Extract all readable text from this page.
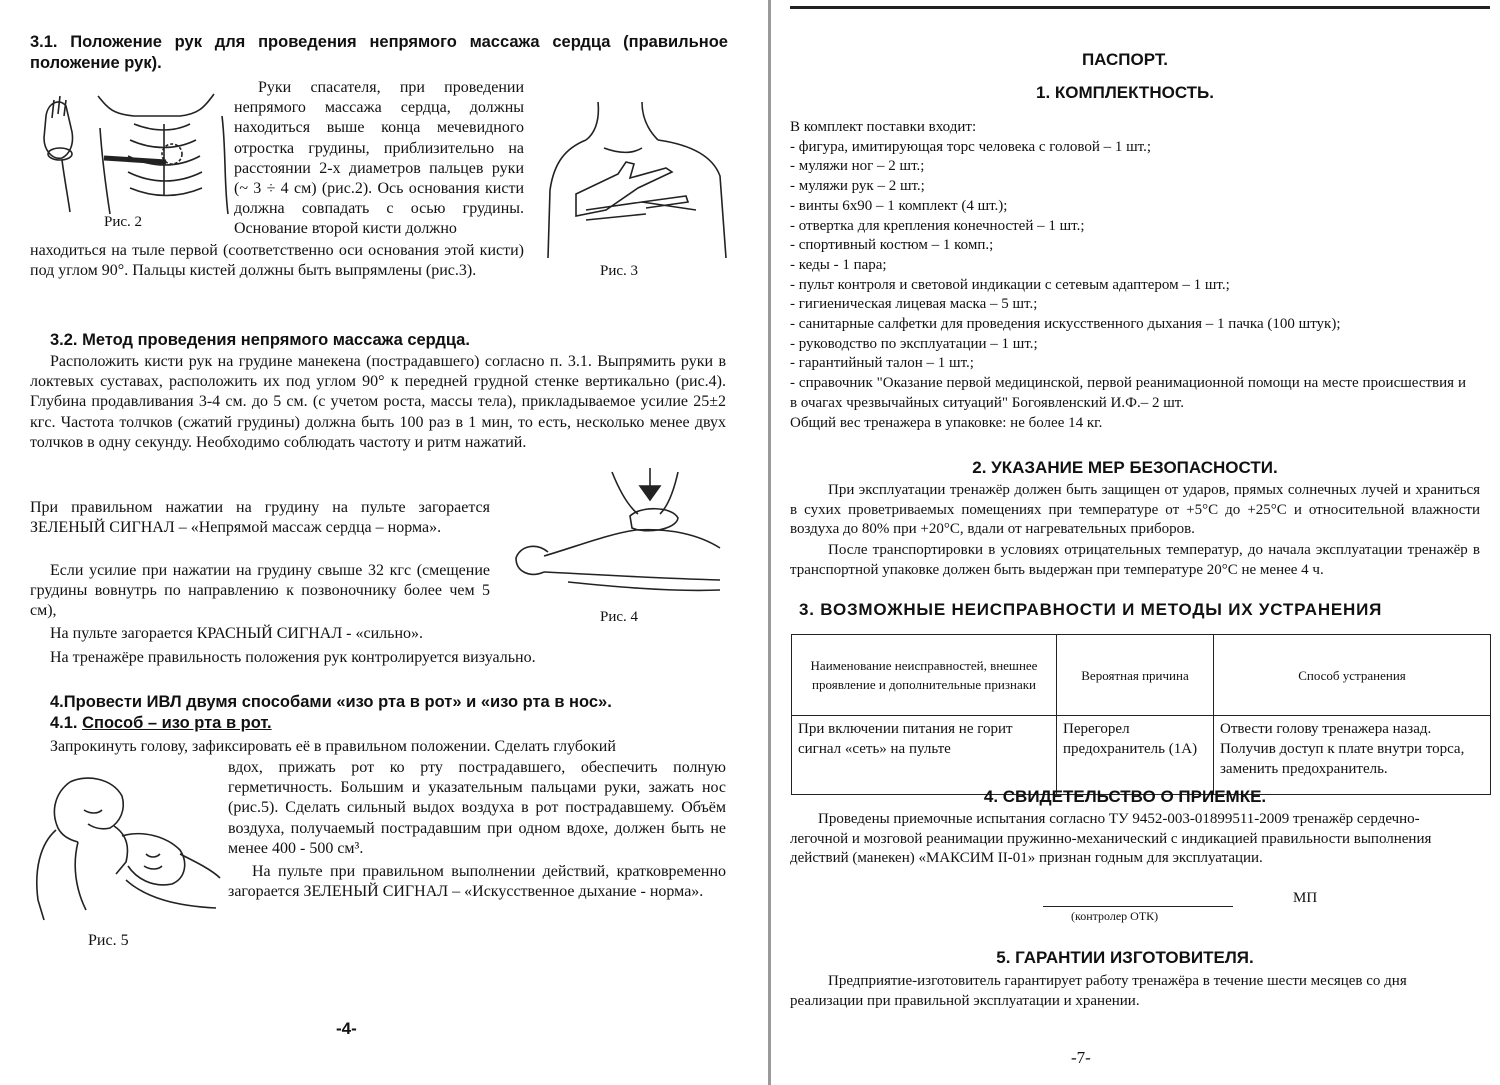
3.1. Положение рук для проведения непрямого массажа сердца (правильное положение рук).
Рис. 2
Руки спасателя, при проведении непрямого массажа сердца, должны находиться выше конца мечевидного отростка грудины, приблизительно на расстоянии 2-х диаметров пальцев руки (~ 3 ÷ 4 см) (рис.2). Ось основания кисти должна совпадать с осью грудины. Основание второй кисти должно
Рис. 3
находиться на тыле первой (соответственно оси основания этой кисти) под углом 90°. Пальцы кистей должны быть выпрямлены (рис.3).
3.2. Метод проведения непрямого массажа сердца.
Расположить кисти рук на грудине манекена (пострадавшего) согласно п. 3.1. Выпрямить руки в локтевых суставах, расположить их под углом 90° к передней грудной стенке вертикально (рис.4). Глубина продавливания 3-4 см. до 5 см. (с учетом роста, массы тела), прикладываемое усилие 25±2 кгс. Частота толчков (сжатий грудины) должна быть 100 раз в 1 мин, то есть, несколько менее двух толчков в одну секунду. Необходимо соблюдать частоту и ритм нажатий.
Рис. 4
При правильном нажатии на грудину на пульте загорается ЗЕЛЕНЫЙ СИГНАЛ – «Непрямой массаж сердца – норма».
Если усилие при нажатии на грудину свыше 32 кгс (смещение грудины вовнутрь по направлению к позвоночнику более чем 5 см),
На пульте загорается КРАСНЫЙ СИГНАЛ - «сильно».
На тренажёре правильность положения рук контролируется визуально.
4.Провести ИВЛ двумя способами «изо рта в рот» и «изо рта в нос».
4.1. Способ – изо рта в рот.
Запрокинуть голову, зафиксировать её в правильном положении. Сделать глубокий
Рис. 5
вдох, прижать рот ко рту пострадавшего, обеспечить полную герметичность. Большим и указательным пальцами руки, зажать нос (рис.5). Сделать сильный выдох воздуха в рот пострадавшему. Объём воздуха, получаемый пострадавшим при одном вдохе, должен быть не менее 400 - 500 см³.
На пульте при правильном выполнении действий, кратковременно загорается ЗЕЛЕНЫЙ СИГНАЛ – «Искусственное дыхание - норма».
-4-
ПАСПОРТ.
1. КОМПЛЕКТНОСТЬ.

В комплект поставки входит:

- фигура, имитирующая торс человека с головой – 1 шт.;
- муляжи ног – 2 шт.;
- муляжи рук – 2 шт.;
- винты 6х90 – 1 комплект (4 шт.);
- отвертка для крепления конечностей – 1 шт.;
- спортивный костюм – 1 комп.;
- кеды - 1 пара;
- пульт контроля и световой индикации с сетевым адаптером – 1 шт.;
- гигиеническая лицевая маска – 5 шт.;
- санитарные салфетки для проведения искусственного дыхания – 1 пачка (100 штук);
- руководство по эксплуатации – 1 шт.;
- гарантийный талон – 1 шт.;
- справочник "Оказание первой медицинской, первой реанимационной помощи на месте происшествия и в очагах чрезвычайных ситуаций" Богоявленский И.Ф.– 2 шт.

Общий вес тренажера в упаковке: не более 14 кг.

2. УКАЗАНИЕ МЕР БЕЗОПАСНОСТИ.
При эксплуатации тренажёр должен быть защищен от ударов, прямых солнечных лучей и храниться в сухих проветриваемых помещениях при температуре от +5°С до +25°С и относительной влажности воздуха до 80% при +20°С, вдали от нагревательных приборов.
После транспортировки в условиях отрицательных температур, до начала эксплуатации тренажёр в транспортной упаковке должен быть выдержан при температуре 20°С не менее 4 ч.
3. ВОЗМОЖНЫЕ НЕИСПРАВНОСТИ И МЕТОДЫ ИХ УСТРАНЕНИЯ
Наименование неисправностей, внешнее проявление и дополнительные признаки	Вероятная причина	Способ устранения
При включении питания не горит сигнал «сеть» на пульте	Перегорел предохранитель (1А)	Отвести голову тренажера назад. Получив доступ к плате внутри торса, заменить предохранитель.
4. СВИДЕТЕЛЬСТВО О ПРИЕМКЕ.
Проведены приемочные испытания согласно ТУ 9452-003-01899511-2009 тренажёр сердечно-легочной и мозговой реанимации пружинно-механический с индикацией правильности выполнения действий (манекен) «МАКСИМ II-01» признан годным для эксплуатации.
МП
(контролер ОТК)
5. ГАРАНТИИ ИЗГОТОВИТЕЛЯ.
Предприятие-изготовитель гарантирует работу тренажёра в течение шести месяцев со дня реализации при правильной эксплуатации и хранении.
-7-
